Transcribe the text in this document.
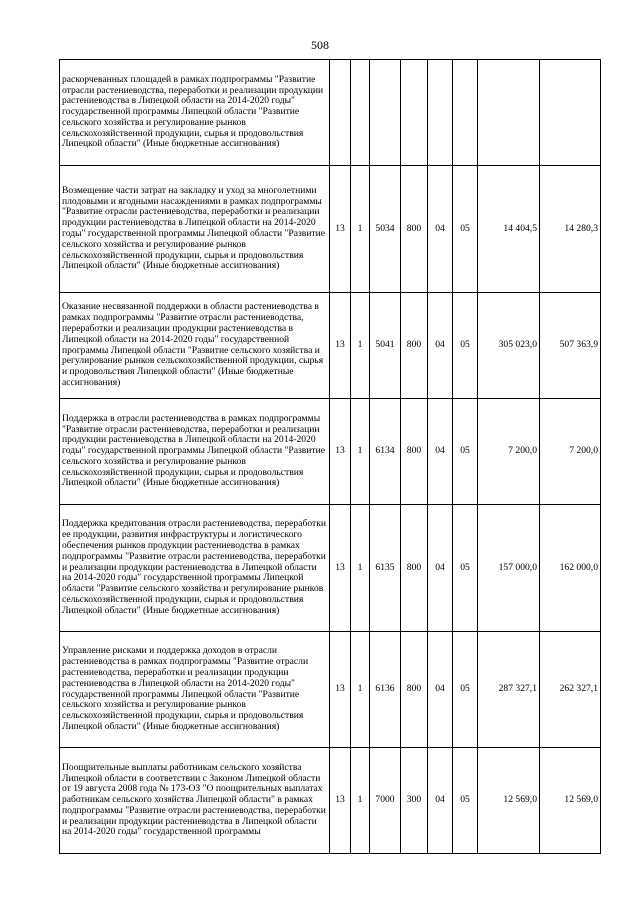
508
раскорчеванных площадей в рамках подпрограммы "Развитие отрасли растениеводства, переработки и реализации продукции растениеводства в Липецкой области на 2014-2020 годы" государственной программы Липецкой области "Развитие сельского хозяйства и регулирование рынков сельскохозяйственной продукции, сырья и продовольствия Липецкой области" (Иные бюджетные ассигнования)								
Возмещение части затрат на закладку и уход за многолетними плодовыми и ягодными насаждениями в рамках подпрограммы "Развитие отрасли растениеводства, переработки и реализации продукции растениеводства в Липецкой области на 2014-2020 годы" государственной программы Липецкой области "Развитие сельского хозяйства и регулирование рынков сельскохозяйственной продукции, сырья и продовольствия Липецкой области" (Иные бюджетные ассигнования)	13	1	5034	800	04	05	14 404,5	14 280,3
Оказание несвязанной поддержки в области растениеводства в рамках подпрограммы "Развитие отрасли растениеводства, переработки и реализации продукции растениеводства в Липецкой области на 2014-2020 годы" государственной программы Липецкой области "Развитие сельского хозяйства и регулирование рынков сельскохозяйственной продукции, сырья и продовольствия Липецкой области" (Иные бюджетные ассигнования)	13	1	5041	800	04	05	305 023,0	507 363,9
Поддержка в отрасли растениеводства в рамках подпрограммы "Развитие отрасли растениеводства, переработки и реализации продукции растениеводства в Липецкой области на 2014-2020 годы" государственной программы Липецкой области "Развитие сельского хозяйства и регулирование рынков сельскохозяйственной продукции, сырья и продовольствия Липецкой области" (Иные бюджетные ассигнования)	13	1	6134	800	04	05	7 200,0	7 200,0
Поддержка кредитования отрасли растениеводства, переработки ее продукции, развития инфраструктуры и логистического обеспечения рынков продукции растениеводства в рамках подпрограммы "Развитие отрасли растениеводства, переработки и реализации продукции растениеводства в Липецкой области на 2014-2020 годы" государственной программы Липецкой области "Развитие сельского хозяйства и регулирование рынков сельскохозяйственной продукции, сырья и продовольствия Липецкой области" (Иные бюджетные ассигнования)	13	1	6135	800	04	05	157 000,0	162 000,0
Управление рисками и поддержка доходов в отрасли растениеводства в рамках подпрограммы "Развитие отрасли растениеводства, переработки и реализации продукции растениеводства в Липецкой области на 2014-2020 годы" государственной программы Липецкой области "Развитие сельского хозяйства и регулирование рынков сельскохозяйственной продукции, сырья и продовольствия Липецкой области" (Иные бюджетные ассигнования)	13	1	6136	800	04	05	287 327,1	262 327,1
Поощрительные выплаты работникам сельского хозяйства Липецкой области в соответствии с Законом Липецкой области от 19 августа 2008 года № 173-ОЗ "О поощрительных выплатах работникам сельского хозяйства Липецкой области" в рамках подпрограммы "Развитие отрасли растениеводства, переработки и реализации продукции растениеводства в Липецкой области на 2014-2020 годы" государственной программы	13	1	7000	300	04	05	12 569,0	12 569,0
